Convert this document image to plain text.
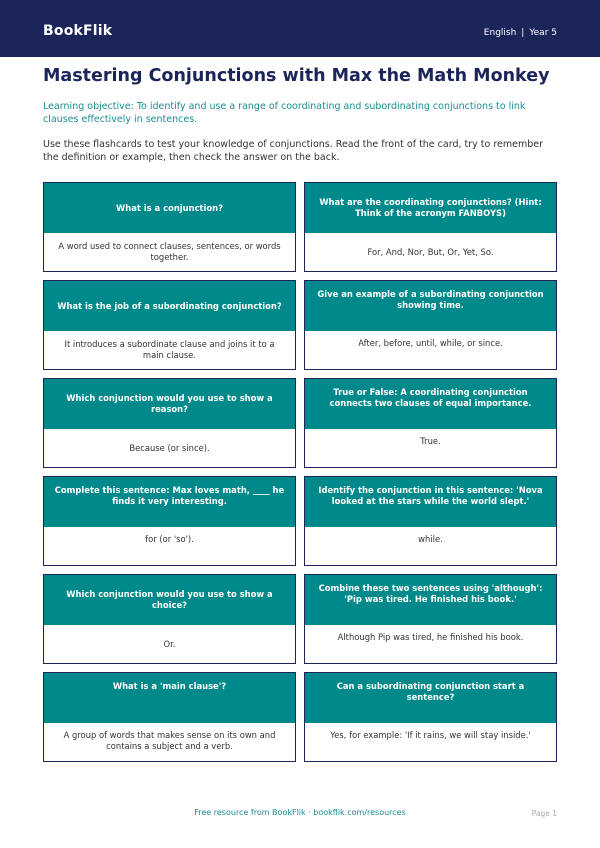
BookFlik	English | Year 5
Mastering Conjunctions with Max the Math Monkey

Learning objective: To identify and use a range of coordinating and subordinating conjunctions to link clauses effectively in sentences.

Use these flashcards to test your knowledge of conjunctions. Read the front of the card, try to remember the definition or example, then check the answer on the back.

What is a conjunction?
A word used to connect clauses, sentences, or words together.
What are the coordinating conjunctions? (Hint: Think of the acronym FANBOYS)
For, And, Nor, But, Or, Yet, So.
What is the job of a subordinating conjunction?
It introduces a subordinate clause and joins it to a main clause.
Give an example of a subordinating conjunction showing time.
After, before, until, while, or since.
Which conjunction would you use to show a reason?
Because (or since).
True or False: A coordinating conjunction connects two clauses of equal importance.
True.
Complete this sentence: Max loves math, ____ he finds it very interesting.
for (or 'so').
Identify the conjunction in this sentence: 'Nova looked at the stars while the world slept.'
while.
Which conjunction would you use to show a choice?
Or.
Combine these two sentences using 'although': 'Pip was tired. He finished his book.'
Although Pip was tired, he finished his book.
What is a 'main clause'?
A group of words that makes sense on its own and contains a subject and a verb.
Can a subordinating conjunction start a sentence?
Yes, for example: 'If it rains, we will stay inside.'
Free resource from BookFlik · bookflik.com/resources	Page 1
